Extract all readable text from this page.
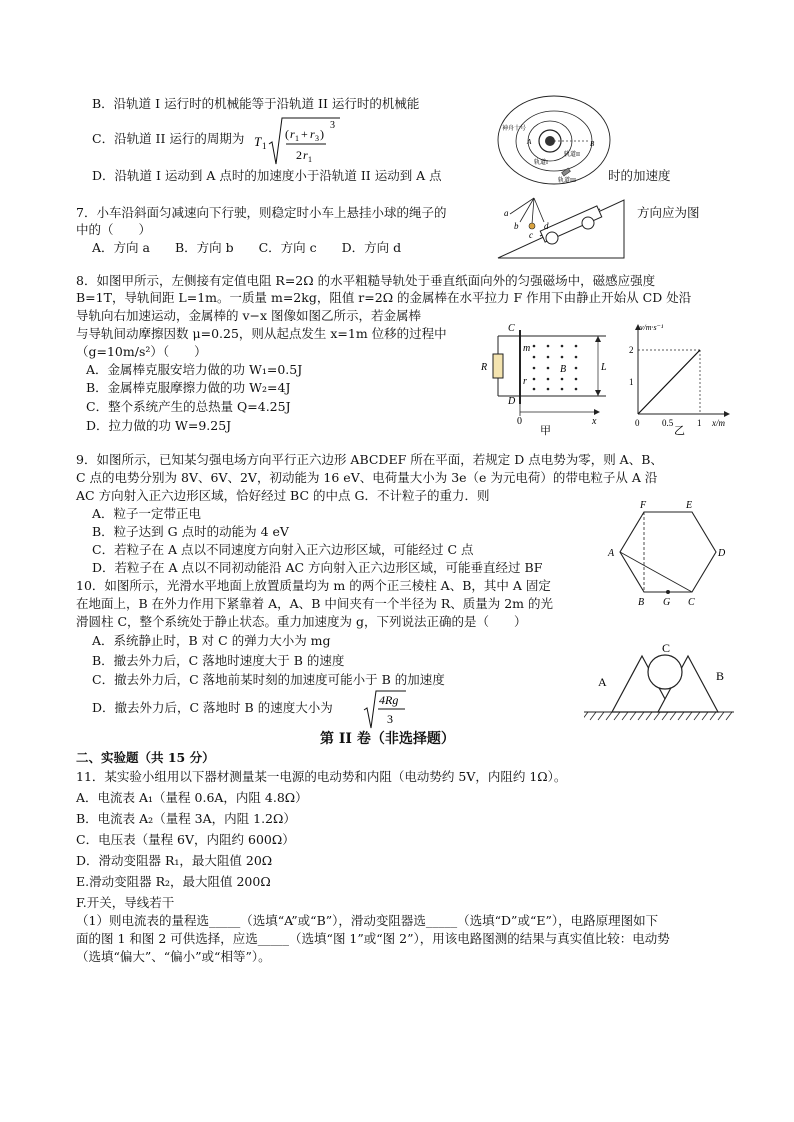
B．沿轨道 I 运行时的机械能等于沿轨道 II 运行时的机械能
C．沿轨道 II 运行的周期为 T 1
( r 1 + r 3 )
2 r 1
3
D．沿轨道 I 运动到 A 点时的加速度小于沿轨道 II 运动到 A 点	时的加速度
神舟十号
轨道I
轨道II
轨道III
A	B
7．小车沿斜面匀减速向下行驶，则稳定时小车上悬挂小球的绳子的	方向应为图
中的（　　）
A．方向 a　　B．方向 b　　C．方向 c　　D．方向 d
a
b
c
d
8．如图甲所示，左侧接有定值电阻 R=2Ω 的水平粗糙导轨处于垂直纸面向外的匀强磁场中，磁感应强度
B=1T，导轨间距 L=1m。一质量 m=2kg，阻值 r=2Ω 的金属棒在水平拉力 F 作用下由静止开始从 CD 处沿
导轨向右加速运动，金属棒的 v−x 图像如图乙所示，若金属棒
与导轨间动摩擦因数 μ=0.25，则从起点发生 x=1m 位移的过程中
（g=10m/s²）（　　）
A．金属棒克服安培力做的功 W₁=0.5J
B．金属棒克服摩擦力做的功 W₂=4J
C．整个系统产生的总热量 Q=4.25J
D．拉力做的功 W=9.25J
C
D
R
m
r
B	L
0	x
甲
v/m·s⁻¹
x/m
乙
0	0.5	1
1
2
9．如图所示，已知某匀强电场方向平行正六边形 ABCDEF 所在平面，若规定 D 点电势为零，则 A、B、
C 点的电势分别为 8V、6V、2V，初动能为 16 eV、电荷量大小为 3e（e 为元电荷）的带电粒子从 A 沿
AC 方向射入正六边形区域，恰好经过 BC 的中点 G．不计粒子的重力．则
A．粒子一定带正电
B．粒子达到 G 点时的动能为 4 eV
C．若粒子在 A 点以不同速度方向射入正六边形区域，可能经过 C 点
D．若粒子在 A 点以不同初动能沿 AC 方向射入正六边形区域，可能垂直经过 BF
F	E
A	D
B G C
10．如图所示，光滑水平地面上放置质量均为 m 的两个正三棱柱 A、B，其中 A 固定
在地面上，B 在外力作用下紧靠着 A，A、B 中间夹有一个半径为 R、质量为 2m 的光
滑圆柱 C，整个系统处于静止状态。重力加速度为 g，下列说法正确的是（　　）
A．系统静止时，B 对 C 的弹力大小为 mg
B．撤去外力后，C 落地时速度大于 B 的速度
C．撤去外力后，C 落地前某时刻的加速度可能小于 B 的加速度
D．撤去外力后，C 落地时 B 的速度大小为	4Rg
3
A	B
C
第 II 卷（非选择题）
二、实验题（共 15 分）
11．某实验小组用以下器材测量某一电源的电动势和内阻（电动势约 5V，内阻约 1Ω）。
A．电流表 A₁（量程 0.6A，内阻 4.8Ω）
B．电流表 A₂（量程 3A，内阻 1.2Ω）
C．电压表（量程 6V，内阻约 600Ω）
D．滑动变阻器 R₁，最大阻值 20Ω
E.滑动变阻器 R₂，最大阻值 200Ω
F.开关，导线若干
（1）则电流表的量程选_____（选填“A”或“B”），滑动变阻器选_____（选填“D”或“E”），电路原理图如下
面的图 1 和图 2 可供选择，应选_____（选填“图 1”或“图 2”），用该电路图测的结果与真实值比较：电动势
（选填“偏大”、“偏小”或“相等”）。
